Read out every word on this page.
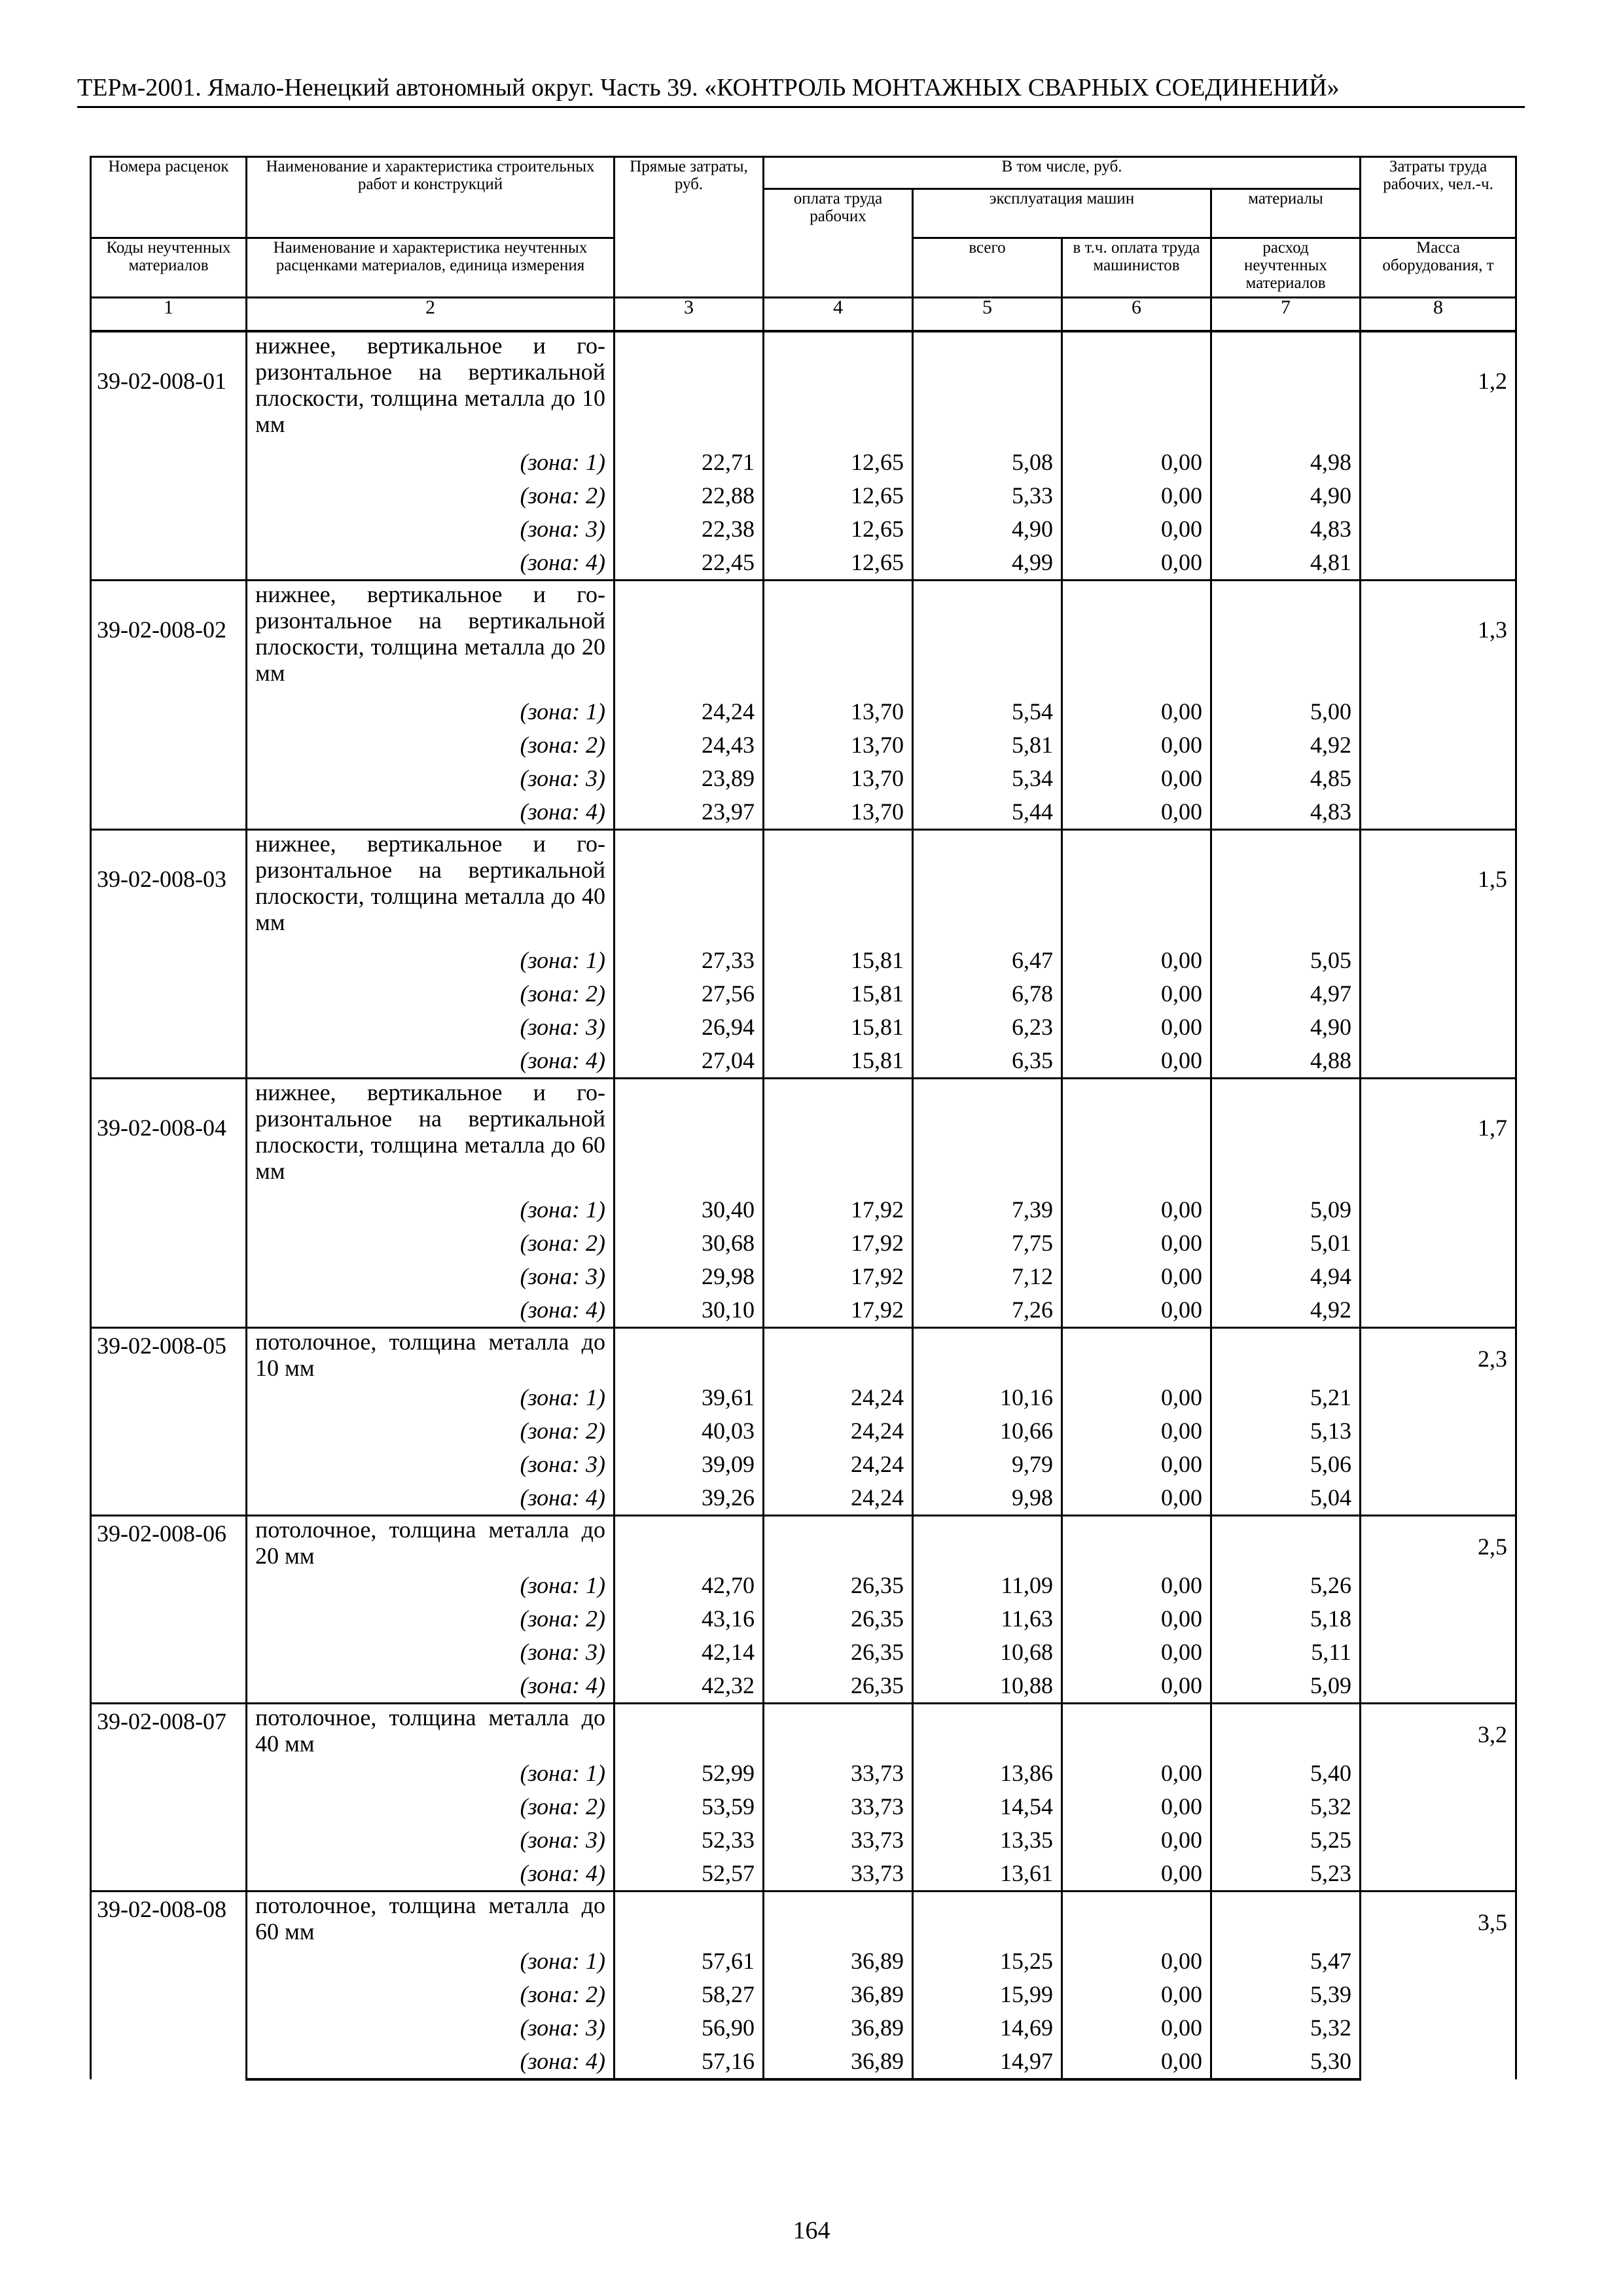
ТЕРм-2001. Ямало-Ненецкий автономный округ. Часть 39. «КОНТРОЛЬ МОНТАЖНЫХ СВАРНЫХ СОЕДИНЕНИЙ»
Номера расценок	Наименование и характеристика строительных работ и конструкций	Прямые затраты, руб.	В том числе, руб.				Затраты труда рабочих, чел.-ч.
			оплата труда рабочих	эксплуатация машин		материалы	
Коды неучтенных материалов	Наименование и характеристика неучтенных расценками материалов, единица измерения			всего	в т.ч. оплата труда машинистов	расход неучтенных материалов	Масса оборудования, т
1	2	3	4	5	6	7	8

39-02-008-01	нижнее, вертикальное и горизонтальное на вертикальной плоскости, толщина металла до 10 мм						1,2

	(зона: 1)	22,71	12,65	5,08	0,00	4,98	
	(зона: 2)	22,88	12,65	5,33	0,00	4,90	
	(зона: 3)	22,38	12,65	4,90	0,00	4,83	
	(зона: 4)	22,45	12,65	4,99	0,00	4,81	

39-02-008-02	нижнее, вертикальное и горизонтальное на вертикальной плоскости, толщина металла до 20 мм						1,3

	(зона: 1)	24,24	13,70	5,54	0,00	5,00	
	(зона: 2)	24,43	13,70	5,81	0,00	4,92	
	(зона: 3)	23,89	13,70	5,34	0,00	4,85	
	(зона: 4)	23,97	13,70	5,44	0,00	4,83	

39-02-008-03	нижнее, вертикальное и горизонтальное на вертикальной плоскости, толщина металла до 40 мм						1,5

	(зона: 1)	27,33	15,81	6,47	0,00	5,05	
	(зона: 2)	27,56	15,81	6,78	0,00	4,97	
	(зона: 3)	26,94	15,81	6,23	0,00	4,90	
	(зона: 4)	27,04	15,81	6,35	0,00	4,88	

39-02-008-04	нижнее, вертикальное и горизонтальное на вертикальной плоскости, толщина металла до 60 мм						1,7

	(зона: 1)	30,40	17,92	7,39	0,00	5,09	
	(зона: 2)	30,68	17,92	7,75	0,00	5,01	
	(зона: 3)	29,98	17,92	7,12	0,00	4,94	
	(зона: 4)	30,10	17,92	7,26	0,00	4,92	

39-02-008-05	потолочное, толщина металла до 10 мм						2,3

	(зона: 1)	39,61	24,24	10,16	0,00	5,21	
	(зона: 2)	40,03	24,24	10,66	0,00	5,13	
	(зона: 3)	39,09	24,24	9,79	0,00	5,06	
	(зона: 4)	39,26	24,24	9,98	0,00	5,04	

39-02-008-06	потолочное, толщина металла до 20 мм						2,5

	(зона: 1)	42,70	26,35	11,09	0,00	5,26	
	(зона: 2)	43,16	26,35	11,63	0,00	5,18	
	(зона: 3)	42,14	26,35	10,68	0,00	5,11	
	(зона: 4)	42,32	26,35	10,88	0,00	5,09	

39-02-008-07	потолочное, толщина металла до 40 мм						3,2

	(зона: 1)	52,99	33,73	13,86	0,00	5,40	
	(зона: 2)	53,59	33,73	14,54	0,00	5,32	
	(зона: 3)	52,33	33,73	13,35	0,00	5,25	
	(зона: 4)	52,57	33,73	13,61	0,00	5,23	

39-02-008-08	потолочное, толщина металла до 60 мм						3,5

	(зона: 1)	57,61	36,89	15,25	0,00	5,47	
	(зона: 2)	58,27	36,89	15,99	0,00	5,39	
	(зона: 3)	56,90	36,89	14,69	0,00	5,32	
	(зона: 4)	57,16	36,89	14,97	0,00	5,30	
164
